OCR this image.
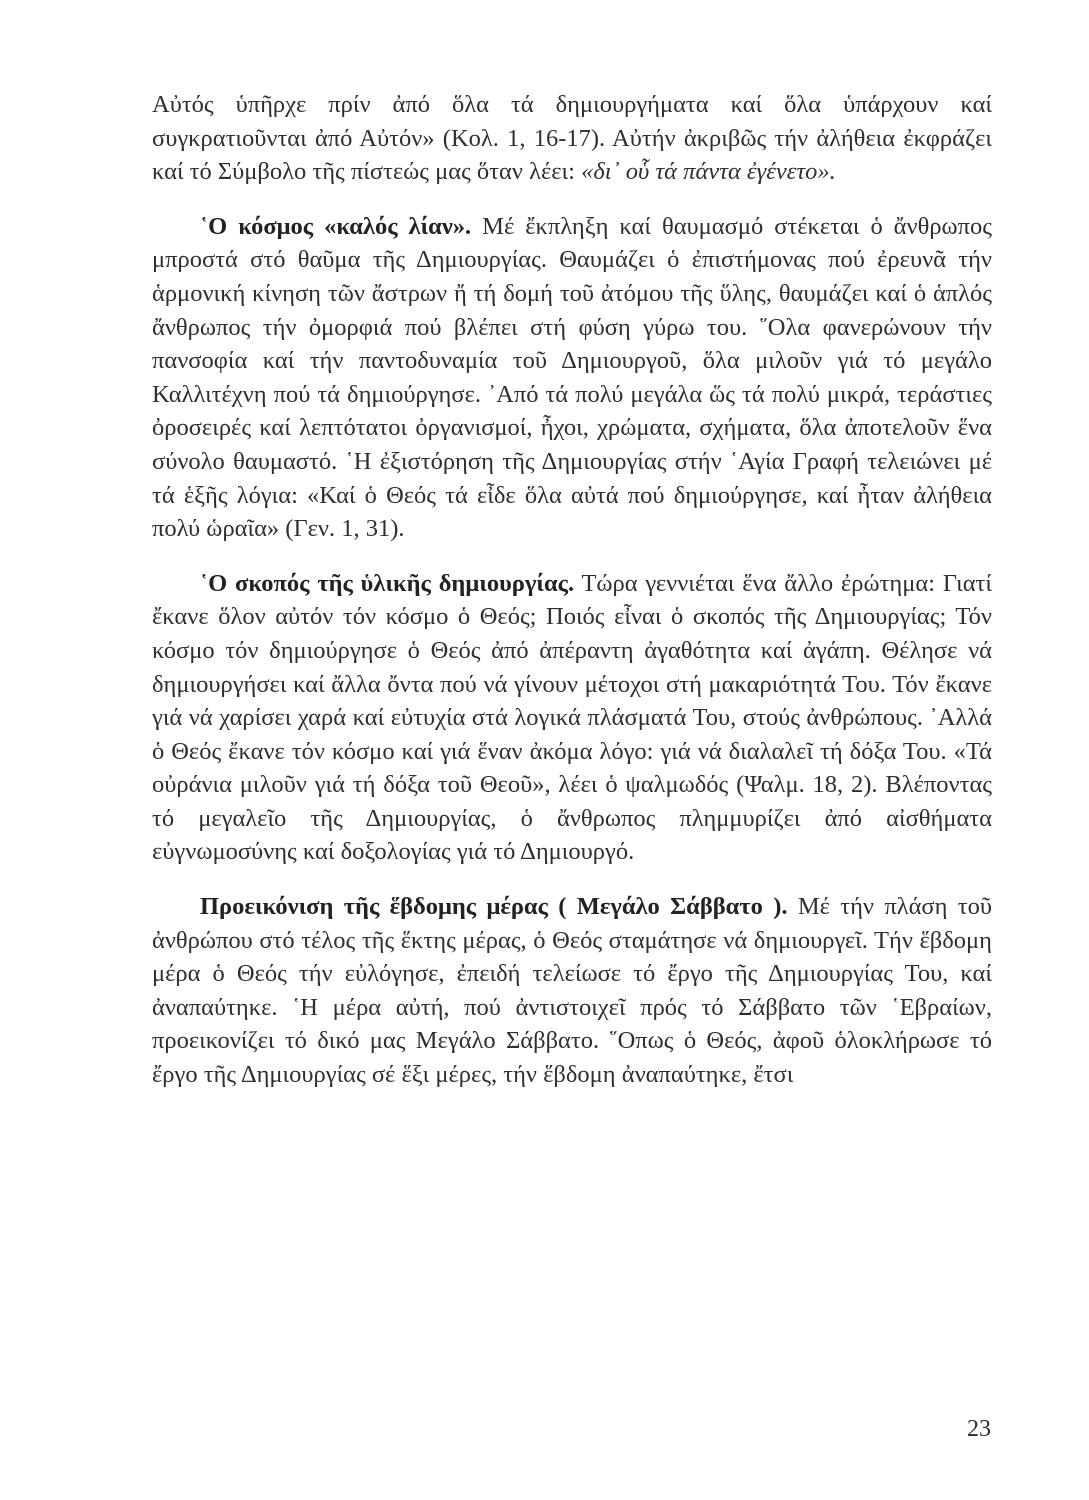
Αὐτός ὑπῆρχε πρίν ἀπό ὅλα τά δημιουργήματα καί ὅλα ὑπάρχουν καί συγκρατιοῦνται ἀπό Αὐτόν» (Κολ. 1, 16-17). Αὐτήν ἀκριβῶς τήν ἀλήθεια ἐκφράζει καί τό Σύμβολο τῆς πίστεώς μας ὅταν λέει: «δι᾽ οὗ τά πάντα ἐγένετο».

῾Ο κόσμος «καλός λίαν». Μέ ἔκπληξη καί θαυμασμό στέκεται ὁ ἄνθρωπος μπροστά στό θαῦμα τῆς Δημιουργίας. Θαυμάζει ὁ ἐπιστήμονας πού ἐρευνᾶ τήν ἁρμονική κίνηση τῶν ἄστρων ἤ τή δομή τοῦ ἀτόμου τῆς ὕλης, θαυμάζει καί ὁ ἁπλός ἄνθρωπος τήν ὀμορφιά πού βλέπει στή φύση γύρω του. ῞Ολα φανερώνουν τήν πανσοφία καί τήν παντοδυναμία τοῦ Δημιουργοῦ, ὅλα μιλοῦν γιά τό μεγάλο Καλλιτέχνη πού τά δημιούργησε. ᾿Από τά πολύ μεγάλα ὥς τά πολύ μικρά, τεράστιες ὀροσειρές καί λεπτότατοι ὀργανισμοί, ἦχοι, χρώματα, σχήματα, ὅλα ἀποτελοῦν ἕνα σύνολο θαυμαστό. ῾Η ἐξιστόρηση τῆς Δημιουργίας στήν ῾Αγία Γραφή τελειώνει μέ τά ἑξῆς λόγια: «Καί ὁ Θεός τά εἶδε ὅλα αὐτά πού δημιούργησε, καί ἦταν ἀλήθεια πολύ ὡραῖα» (Γεν. 1, 31).

῾Ο σκοπός τῆς ὑλικῆς δημιουργίας. Τώρα γεννιέται ἕνα ἄλλο ἐρώτημα: Γιατί ἔκανε ὅλον αὐτόν τόν κόσμο ὁ Θεός; Ποιός εἶναι ὁ σκοπός τῆς Δημιουργίας; Τόν κόσμο τόν δημιούργησε ὁ Θεός ἀπό ἀπέραντη ἀγαθότητα καί ἀγάπη. Θέλησε νά δημιουργήσει καί ἄλλα ὄντα πού νά γίνουν μέτοχοι στή μακαριότητά Του. Τόν ἔκανε γιά νά χαρίσει χαρά καί εὐτυχία στά λογικά πλάσματά Του, στούς ἀνθρώπους. ᾿Αλλά ὁ Θεός ἔκανε τόν κόσμο καί γιά ἕναν ἀκόμα λόγο: γιά νά διαλαλεῖ τή δόξα Του. «Τά οὐράνια μιλοῦν γιά τή δόξα τοῦ Θεοῦ», λέει ὁ ψαλμωδός (Ψαλμ. 18, 2). Βλέποντας τό μεγαλεῖο τῆς Δημιουργίας, ὁ ἄνθρωπος πλημμυρίζει ἀπό αἰσθήματα εὐγνωμοσύνης καί δοξολογίας γιά τό Δημιουργό.

Προεικόνιση τῆς ἕβδομης μέρας ( Μεγάλο Σάββατο ). Μέ τήν πλάση τοῦ ἀνθρώπου στό τέλος τῆς ἕκτης μέρας, ὁ Θεός σταμάτησε νά δημιουργεῖ. Τήν ἕβδομη μέρα ὁ Θεός τήν εὐλόγησε, ἐπειδή τελείωσε τό ἔργο τῆς Δημιουργίας Του, καί ἀναπαύτηκε. ῾Η μέρα αὐτή, πού ἀντιστοιχεῖ πρός τό Σάββατο τῶν ῾Εβραίων, προεικονίζει τό δικό μας Μεγάλο Σάββατο. ῞Οπως ὁ Θεός, ἀφοῦ ὁλοκλήρωσε τό ἔργο τῆς Δημιουργίας σέ ἕξι μέρες, τήν ἕβδομη ἀναπαύτηκε, ἔτσι

23
